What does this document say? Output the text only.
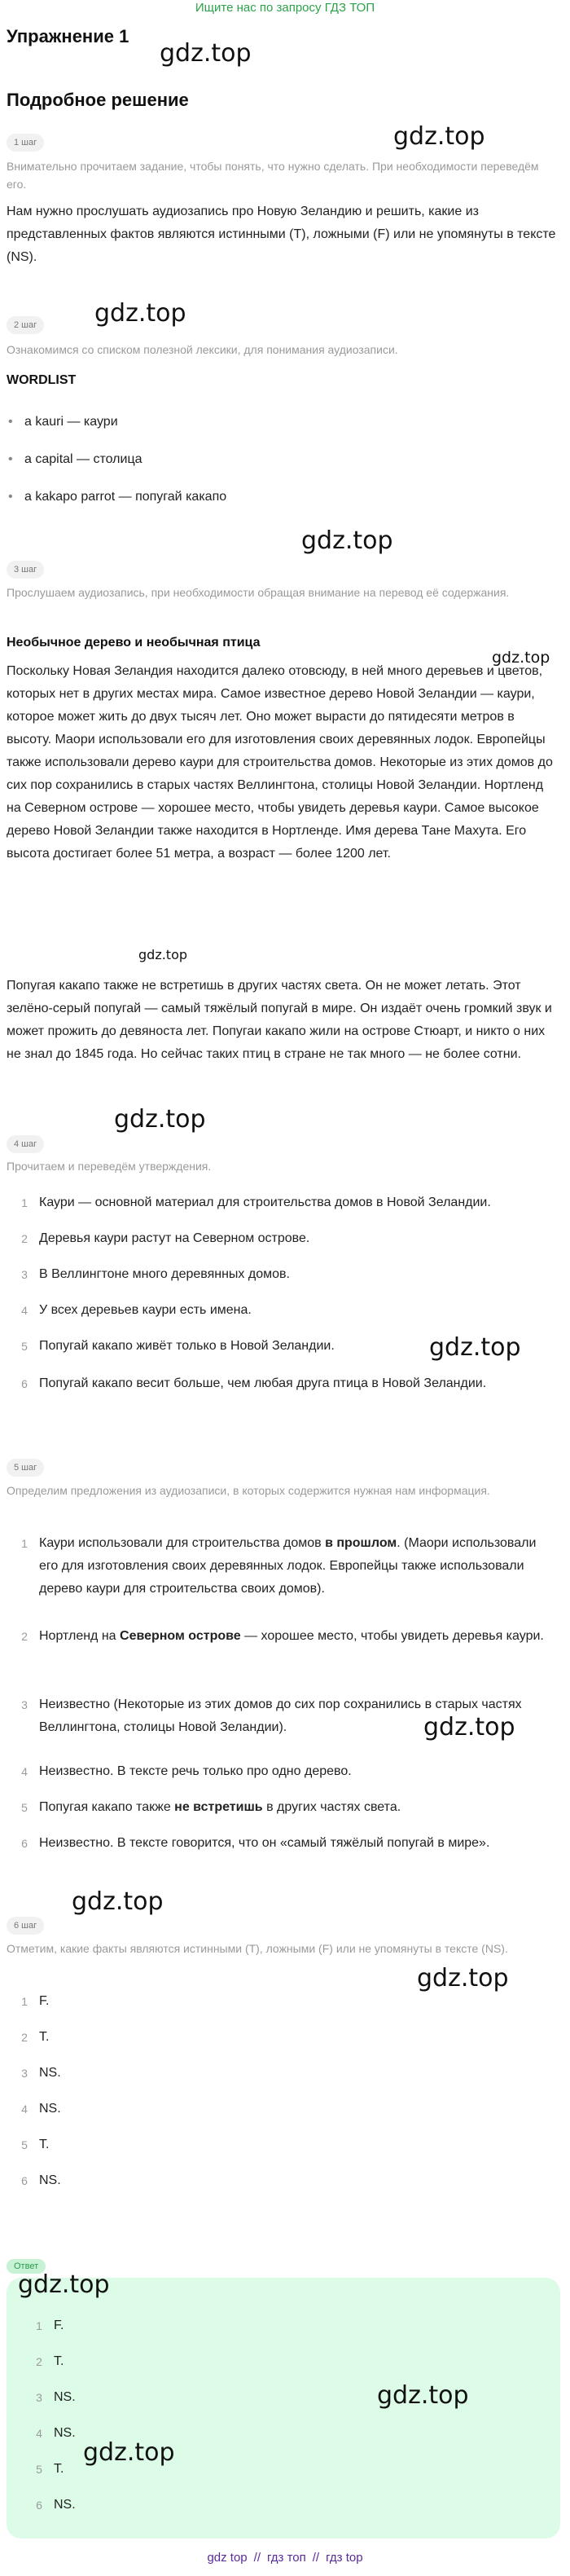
Ищите нас по запросу ГДЗ ТОП
Упражнение 1
gdz.top
Подробное решение
gdz.top
1 шаг
Внимательно прочитаем задание, чтобы понять, что нужно сделать. При необходимости переведём его.
Нам нужно прослушать аудиозапись про Новую Зеландию и решить, какие из представленных фактов являются истинными (T), ложными (F) или не упомянуты в тексте (NS).
gdz.top
2 шаг
Ознакомимся со списком полезной лексики, для понимания аудиозаписи.
WORDLIST
• a kauri — каури
• a capital — столица
• a kakapo parrot — попугай какапо
gdz.top
3 шаг
Прослушаем аудиозапись, при необходимости обращая внимание на перевод её содержания.
Необычное дерево и необычная птица
gdz.top
Поскольку Новая Зеландия находится далеко отовсюду, в ней много деревьев и цветов, которых нет в других местах мира. Самое известное дерево Новой Зеландии — каури, которое может жить до двух тысяч лет. Оно может вырасти до пятидесяти метров в высоту. Маори использовали его для изготовления своих деревянных лодок. Европейцы также использовали дерево каури для строительства домов. Некоторые из этих домов до сих пор сохранились в старых частях Веллингтона, столицы Новой Зеландии. Нортленд на Северном острове — хорошее место, чтобы увидеть деревья каури. Самое высокое дерево Новой Зеландии также находится в Нортленде. Имя дерева Тане Махута. Его высота достигает более 51 метра, а возраст — более 1200 лет.
gdz.top
Попугая какапо также не встретишь в других частях света. Он не может летать. Этот зелёно-серый попугай — самый тяжёлый попугай в мире. Он издаёт очень громкий звук и может прожить до девяноста лет. Попугаи какапо жили на острове Стюарт, и никто о них не знал до 1845 года. Но сейчас таких птиц в стране не так много — не более сотни.
gdz.top
4 шаг
Прочитаем и переведём утверждения.
1 Каури — основной материал для строительства домов в Новой Зеландии.
2 Деревья каури растут на Северном острове.
3 В Веллингтоне много деревянных домов.
4 У всех деревьев каури есть имена.
gdz.top
5 Попугай какапо живёт только в Новой Зеландии.
6 Попугай какапо весит больше, чем любая друга птица в Новой Зеландии.
5 шаг
Определим предложения из аудиозаписи, в которых содержится нужная нам информация.
1 Каури использовали для строительства домов в прошлом. (Маори использовали его для изготовления своих деревянных лодок. Европейцы также использовали дерево каури для строительства своих домов).
2 Нортленд на Северном острове — хорошее место, чтобы увидеть деревья каури.
3 Неизвестно (Некоторые из этих домов до сих пор сохранились в старых частях Веллингтона, столицы Новой Зеландии).	gdz.top
4 Неизвестно. В тексте речь только про одно дерево.
5 Попугая какапо также не встретишь в других частях света.
6 Неизвестно. В тексте говорится, что он «самый тяжёлый попугай в мире».
gdz.top
6 шаг
Отметим, какие факты являются истинными (T), ложными (F) или не упомянуты в тексте (NS).
gdz.top
1 F.
2 T.
3 NS.
4 NS.
5 T.
6 NS.
Ответ
gdz.top
1 F.
2 T.
3 NS.	gdz.top
4 NS.
gdz.top
5 T.
6 NS.
gdz top // гдз топ // гдз top
